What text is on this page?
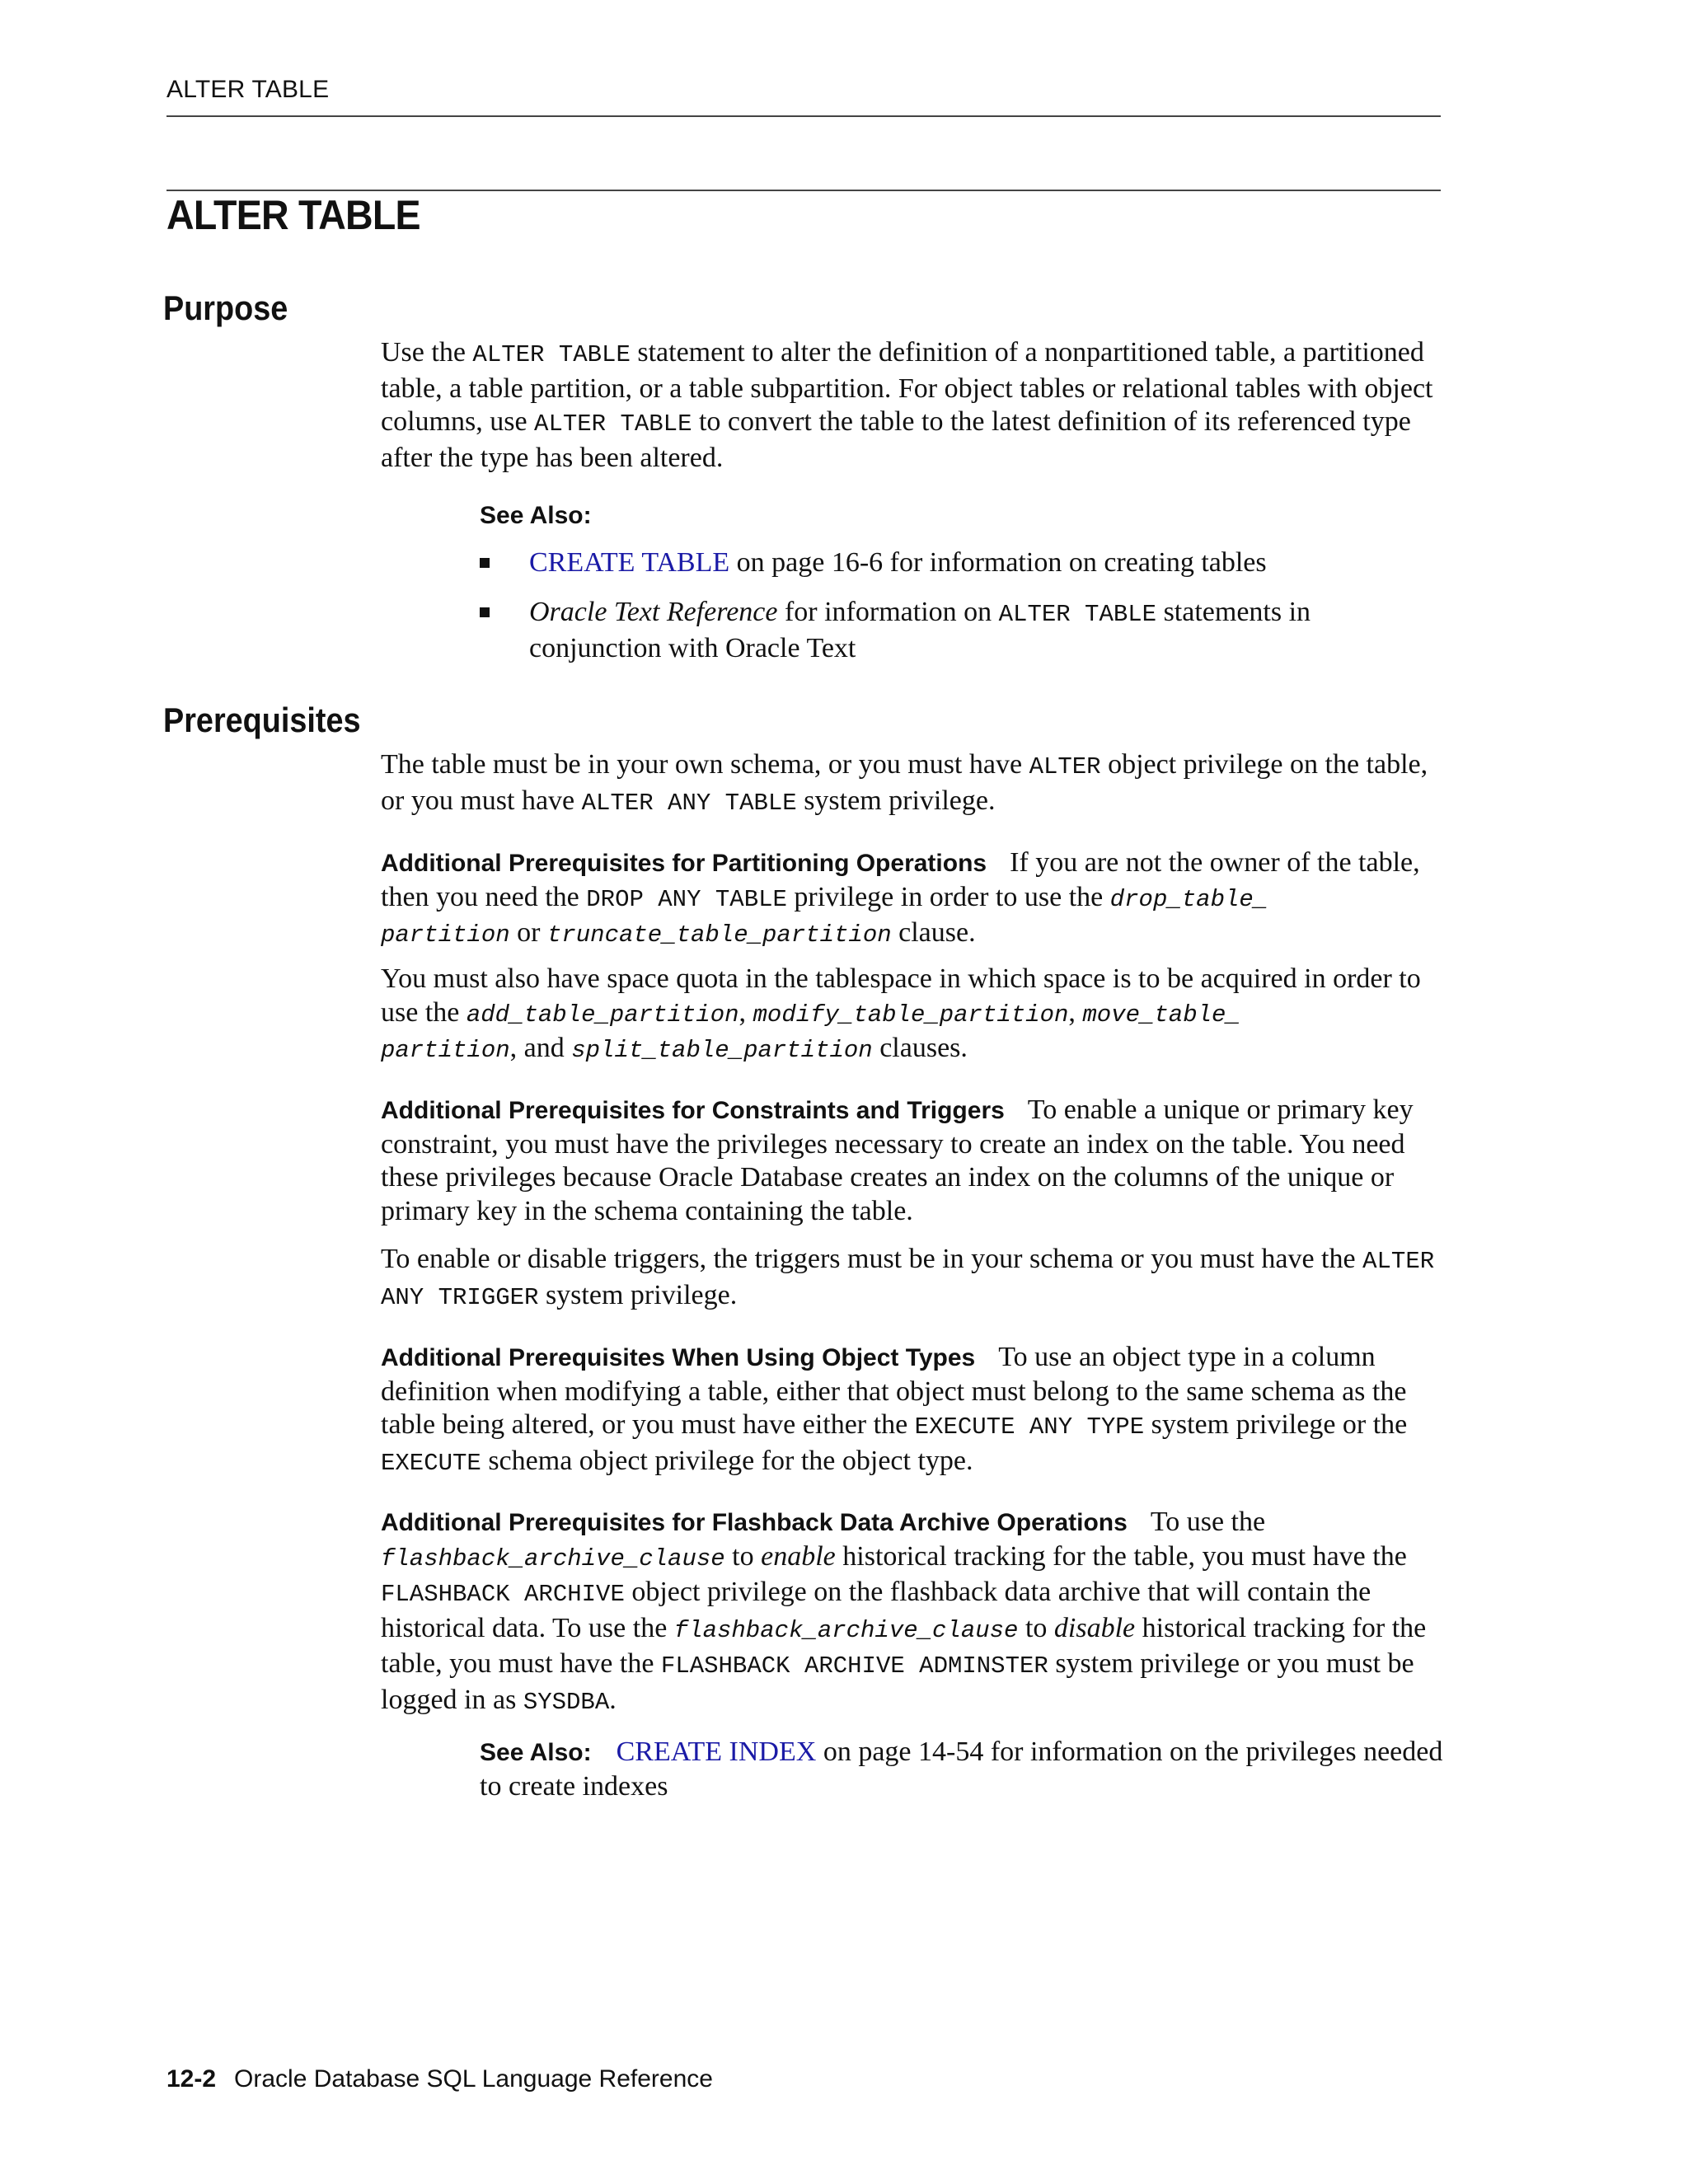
ALTER TABLE
ALTER TABLE
Purpose

Use the ALTER TABLE statement to alter the definition of a nonpartitioned table, a partitioned table, a table partition, or a table subpartition. For object tables or relational tables with object columns, use ALTER TABLE to convert the table to the latest definition of its referenced type after the type has been altered.

See Also:
CREATE TABLE on page 16-6 for information on creating tables
Oracle Text Reference for information on ALTER TABLE statements in conjunction with Oracle Text
Prerequisites

The table must be in your own schema, or you must have ALTER object privilege on the table, or you must have ALTER ANY TABLE system privilege.

Additional Prerequisites for Partitioning Operations If you are not the owner of the table, then you need the DROP ANY TABLE privilege in order to use the drop_table_
partition or truncate_table_partition clause.

You must also have space quota in the tablespace in which space is to be acquired in order to use the add_table_partition, modify_table_partition, move_table_
partition, and split_table_partition clauses.

Additional Prerequisites for Constraints and Triggers To enable a unique or primary key constraint, you must have the privileges necessary to create an index on the table. You need these privileges because Oracle Database creates an index on the columns of the unique or primary key in the schema containing the table.

To enable or disable triggers, the triggers must be in your schema or you must have the ALTER ANY TRIGGER system privilege.

Additional Prerequisites When Using Object Types To use an object type in a column definition when modifying a table, either that object must belong to the same schema as the table being altered, or you must have either the EXECUTE ANY TYPE system privilege or the EXECUTE schema object privilege for the object type.

Additional Prerequisites for Flashback Data Archive Operations To use the flashback_archive_clause to enable historical tracking for the table, you must have the FLASHBACK ARCHIVE object privilege on the flashback data archive that will contain the historical data. To use the flashback_archive_clause to disable historical tracking for the table, you must have the FLASHBACK ARCHIVE ADMINSTER system privilege or you must be logged in as SYSDBA.

See Also: CREATE INDEX on page 14-54 for information on the privileges needed to create indexes

12-2 Oracle Database SQL Language Reference
